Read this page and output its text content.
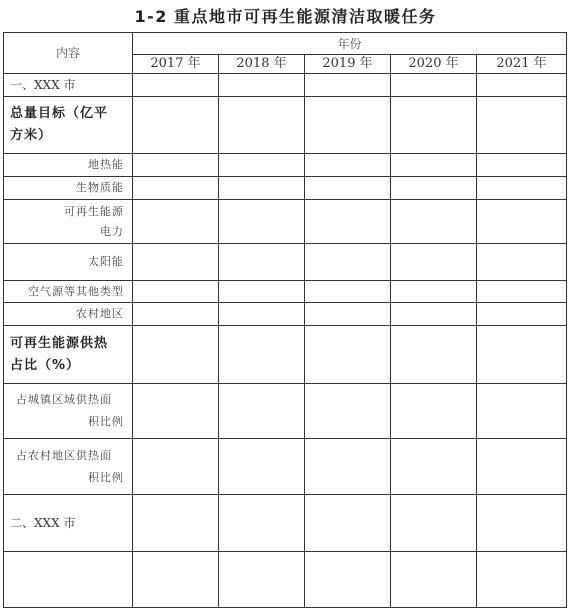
1-2 重点地市可再生能源清洁取暖任务
内容	年份				
	2017 年	2018 年	2019 年	2020 年	2021 年
一、XXX 市					

总量目标（亿平
方米）					

地热能					
生物质能					

可再生能源
电力					

太阳能					
空气源等其他类型					
农村地区					

可再生能源供热
占比（%）					

占城镇区域供热面
积比例					

占农村地区供热面
积比例					

二、XXX 市					
